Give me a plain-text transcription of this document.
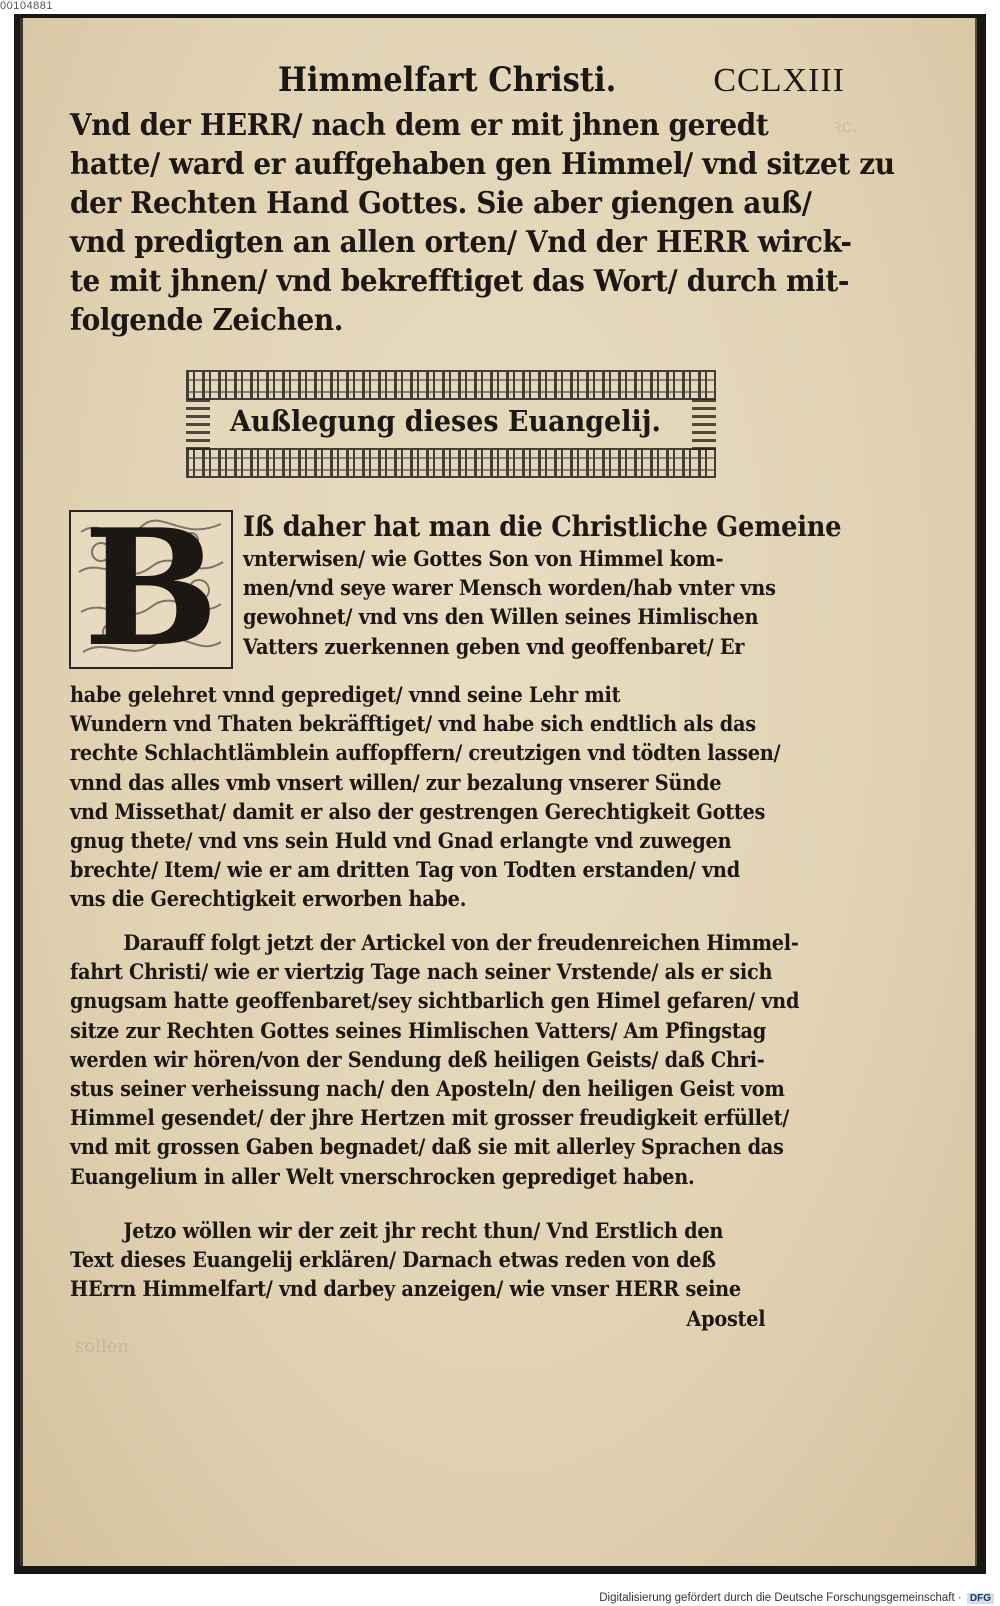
00104881
ꝛc.
sollen
Himmelfart Christi.	CCLXIII
Vnd der HERR/ nach dem er mit jhnen geredt
hatte/ ward er auffgehaben gen Himmel/ vnd sitzet zu
der Rechten Hand Gottes. Sie aber giengen auß/
vnd predigten an allen orten/ Vnd der HERR wirck-
te mit jhnen/ vnd bekrefftiget das Wort/ durch mit-
folgende Zeichen.
Außlegung dieses Euangelij.
B Iß daher hat man die Christliche Gemeine
vnterwisen/ wie Gottes Son von Himmel kom-
men/vnd seye warer Mensch worden/hab vnter vns
gewohnet/ vnd vns den Willen seines Himlischen
Vatters zuerkennen geben vnd geoffenbaret/ Er
habe gelehret vnnd geprediget/ vnnd seine Lehr mit
Wundern vnd Thaten bekräfftiget/ vnd habe sich endtlich als das
rechte Schlachtlämblein auffopffern/ creutzigen vnd tödten lassen/
vnnd das alles vmb vnsert willen/ zur bezalung vnserer Sünde
vnd Missethat/ damit er also der gestrengen Gerechtigkeit Gottes
gnug thete/ vnd vns sein Huld vnd Gnad erlangte vnd zuwegen
brechte/ Item/ wie er am dritten Tag von Todten erstanden/ vnd
vns die Gerechtigkeit erworben habe.
Darauff folgt jetzt der Artickel von der freudenreichen Himmel-
fahrt Christi/ wie er viertzig Tage nach seiner Vrstende/ als er sich
gnugsam hatte geoffenbaret/sey sichtbarlich gen Himel gefaren/ vnd
sitze zur Rechten Gottes seines Himlischen Vatters/ Am Pfingstag
werden wir hören/von der Sendung deß heiligen Geists/ daß Chri-
stus seiner verheissung nach/ den Aposteln/ den heiligen Geist vom
Himmel gesendet/ der jhre Hertzen mit grosser freudigkeit erfüllet/
vnd mit grossen Gaben begnadet/ daß sie mit allerley Sprachen das
Euangelium in aller Welt vnerschrocken geprediget haben.
Jetzo wöllen wir der zeit jhr recht thun/ Vnd Erstlich den
Text dieses Euangelij erklären/ Darnach etwas reden von deß
HErrn Himmelfart/ vnd darbey anzeigen/ wie vnser HERR seine
Apostel
Digitalisierung gefördert durch die Deutsche Forschungsgemeinschaft · DFG
